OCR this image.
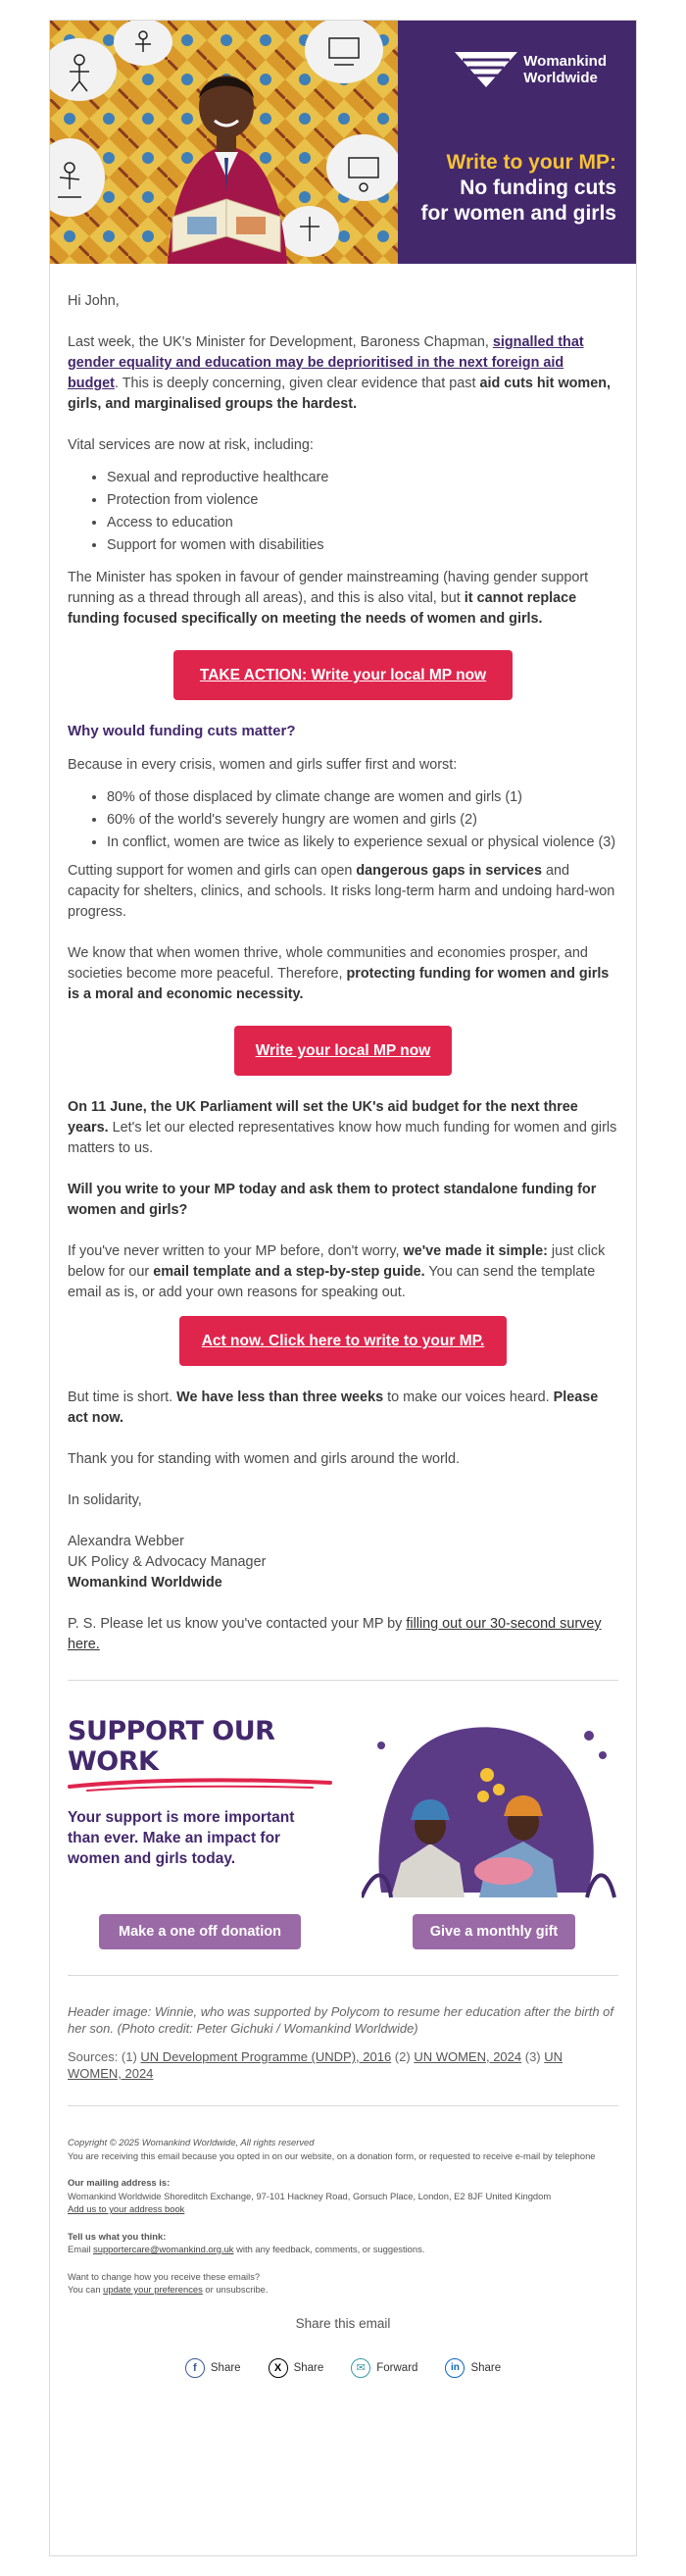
Womankind
Worldwide
Write to your MP:
No funding cuts
for women and girls

Hi John,

Last week, the UK's Minister for Development, Baroness Chapman, signalled that gender equality and education may be deprioritised in the next foreign aid budget. This is deeply concerning, given clear evidence that past aid cuts hit women, girls, and marginalised groups the hardest.

Vital services are now at risk, including:

• Sexual and reproductive healthcare
• Protection from violence
• Access to education
• Support for women with disabilities

The Minister has spoken in favour of gender mainstreaming (having gender support running as a thread through all areas), and this is also vital, but it cannot replace funding focused specifically on meeting the needs of women and girls.

TAKE ACTION: Write your local MP now
Why would funding cuts matter?

Because in every crisis, women and girls suffer first and worst:

• 80% of those displaced by climate change are women and girls (1)
• 60% of the world's severely hungry are women and girls (2)
• In conflict, women are twice as likely to experience sexual or physical violence (3)

Cutting support for women and girls can open dangerous gaps in services and capacity for shelters, clinics, and schools. It risks long-term harm and undoing hard-won progress.

We know that when women thrive, whole communities and economies prosper, and societies become more peaceful. Therefore, protecting funding for women and girls is a moral and economic necessity.

Write your local MP now

On 11 June, the UK Parliament will set the UK's aid budget for the next three years. Let's let our elected representatives know how much funding for women and girls matters to us.

Will you write to your MP today and ask them to protect standalone funding for women and girls?

If you've never written to your MP before, don't worry, we've made it simple: just click below for our email template and a step-by-step guide. You can send the template email as is, or add your own reasons for speaking out.

Act now. Click here to write to your MP.

But time is short. We have less than three weeks to make our voices heard. Please act now.

Thank you for standing with women and girls around the world.

In solidarity,

Alexandra Webber
UK Policy & Advocacy Manager
Womankind Worldwide

P. S. Please let us know you've contacted your MP by filling out our 30-second survey here.

SUPPORT OUR WORK
Your support is more important than ever. Make an impact for women and girls today.
Make a one off donation	Give a monthly gift

Header image: Winnie, who was supported by Polycom to resume her education after the birth of her son. (Photo credit: Peter Gichuki / Womankind Worldwide)

Sources: (1) UN Development Programme (UNDP), 2016 (2) UN WOMEN, 2024 (3) UN WOMEN, 2024

Copyright © 2025 Womankind Worldwide, All rights reserved

You are receiving this email because you opted in on our website, on a donation form, or requested to receive e-mail by telephone

Our mailing address is:

Womankind Worldwide Shoreditch Exchange, 97-101 Hackney Road, Gorsuch Place, London, E2 8JF United Kingdom

Add us to your address book

Tell us what you think:

Email supportercare@womankind.org.uk with any feedback, comments, or suggestions.

Want to change how you receive these emails?

You can update your preferences or unsubscribe.

Share this email
f	Share	X	Share	✉ Forward	in	Share
